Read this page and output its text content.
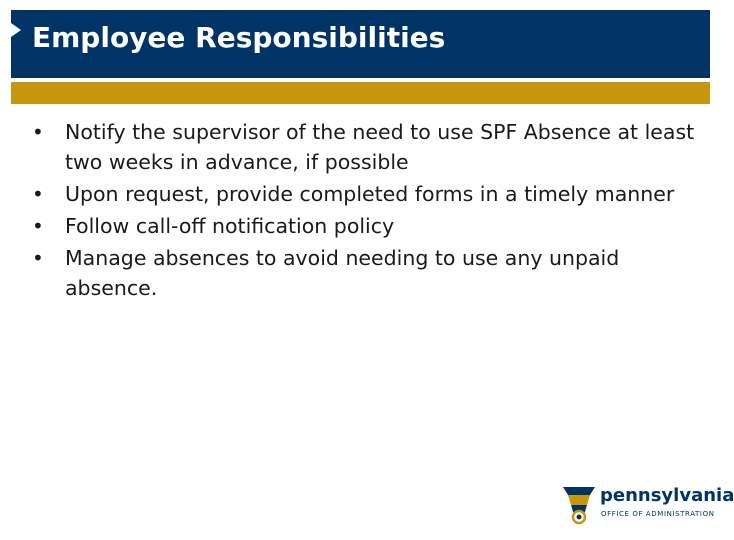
Employee Responsibilities
• Notify the supervisor of the need to use SPF Absence at least two weeks in advance, if possible
• Upon request, provide completed forms in a timely manner
• Follow call-off notification policy
• Manage absences to avoid needing to use any unpaid absence.
pennsylvania
OFFICE OF ADMINISTRATION
